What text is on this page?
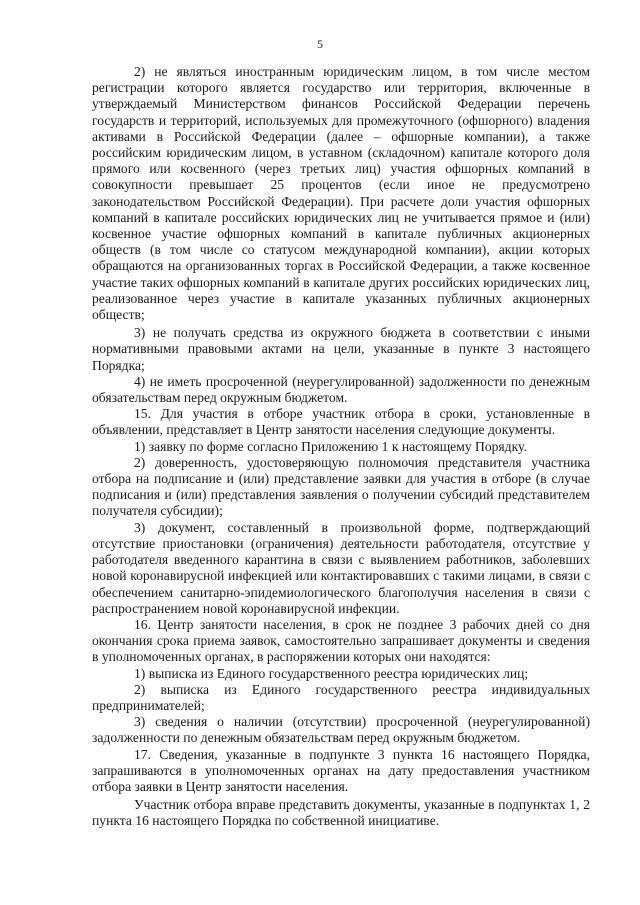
5

2) не являться иностранным юридическим лицом, в том числе местом регистрации которого является государство или территория, включенные в утверждаемый Министерством финансов Российской Федерации перечень государств и территорий, используемых для промежуточного (офшорного) владения активами в Российской Федерации (далее – офшорные компании), а также российским юридическим лицом, в уставном (складочном) капитале которого доля прямого или косвенного (через третьих лиц) участия офшорных компаний в совокупности превышает 25 процентов (если иное не предусмотрено законодательством Российской Федерации). При расчете доли участия офшорных компаний в капитале российских юридических лиц не учитывается прямое и (или) косвенное участие офшорных компаний в капитале публичных акционерных обществ (в том числе со статусом международной компании), акции которых обращаются на организованных торгах в Российской Федерации, а также косвенное участие таких офшорных компаний в капитале других российских юридических лиц, реализованное через участие в капитале указанных публичных акционерных обществ;

3) не получать средства из окружного бюджета в соответствии с иными нормативными правовыми актами на цели, указанные в пункте 3 настоящего Порядка;

4) не иметь просроченной (неурегулированной) задолженности по денежным обязательствам перед окружным бюджетом.

15. Для участия в отборе участник отбора в сроки, установленные в объявлении, представляет в Центр занятости населения следующие документы.

1) заявку по форме согласно Приложению 1 к настоящему Порядку.

2) доверенность, удостоверяющую полномочия представителя участника отбора на подписание и (или) представление заявки для участия в отборе (в случае подписания и (или) представления заявления о получении субсидий представителем получателя субсидии);

3) документ, составленный в произвольной форме, подтверждающий отсутствие приостановки (ограничения) деятельности работодателя, отсутствие у работодателя введенного карантина в связи с выявлением работников, заболевших новой коронавирусной инфекцией или контактировавших с такими лицами, в связи с обеспечением санитарно-эпидемиологического благополучия населения в связи с распространением новой коронавирусной инфекции.

16. Центр занятости населения, в срок не позднее 3 рабочих дней со дня окончания срока приема заявок, самостоятельно запрашивает документы и сведения в уполномоченных органах, в распоряжении которых они находятся:

1) выписка из Единого государственного реестра юридических лиц;

2) выписка из Единого государственного реестра индивидуальных предпринимателей;

3) сведения о наличии (отсутствии) просроченной (неурегулированной) задолженности по денежным обязательствам перед окружным бюджетом.

17. Сведения, указанные в подпункте 3 пункта 16 настоящего Порядка, запрашиваются в уполномоченных органах на дату предоставления участником отбора заявки в Центр занятости населения.

Участник отбора вправе представить документы, указанные в подпунктах 1, 2 пункта 16 настоящего Порядка по собственной инициативе.
